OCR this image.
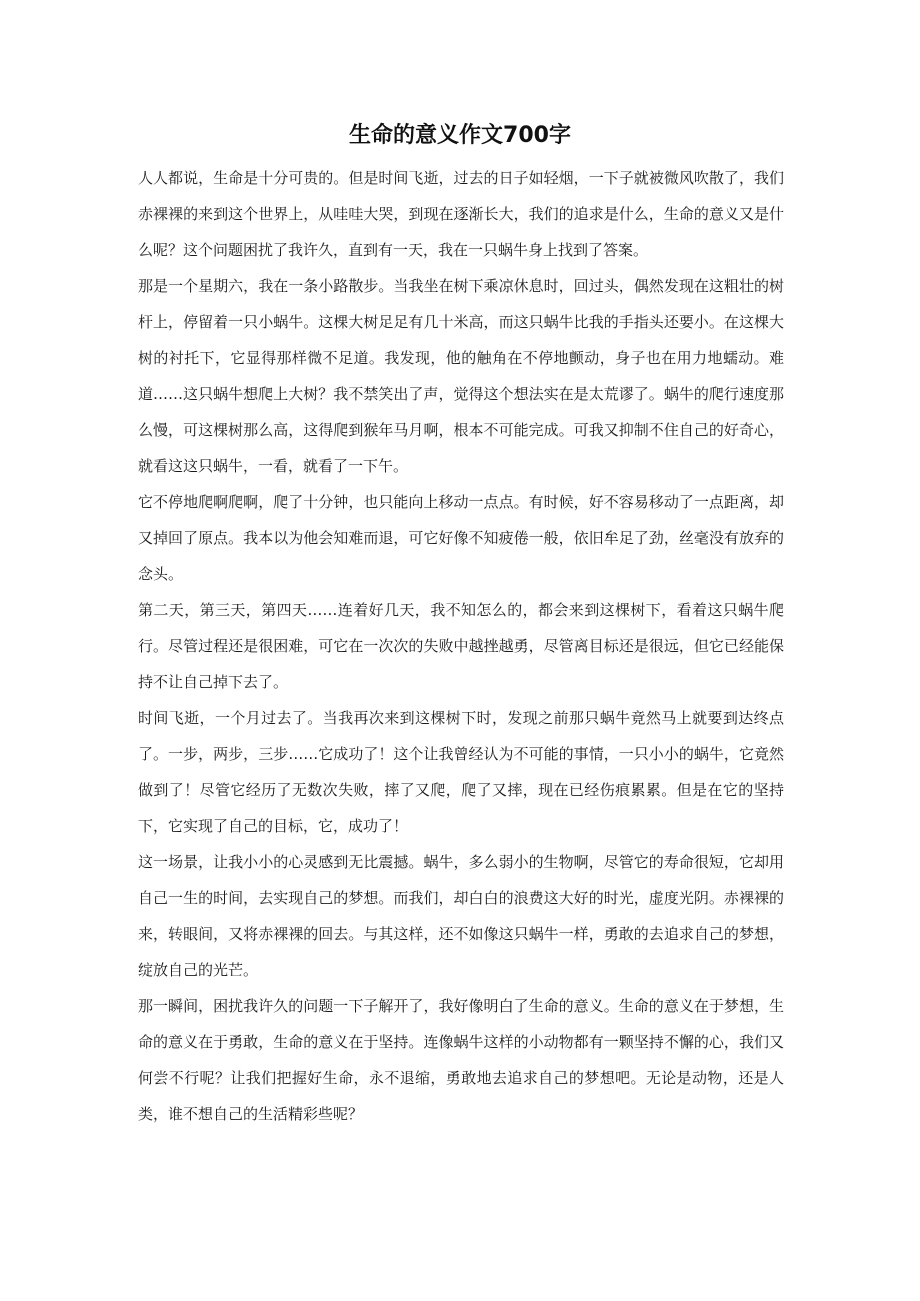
生命的意义作文700字

人人都说，生命是十分可贵的。但是时间飞逝，过去的日子如轻烟，一下子就被微风吹散了，我们赤裸裸的来到这个世界上，从哇哇大哭，到现在逐渐长大，我们的追求是什么，生命的意义又是什么呢？这个问题困扰了我许久，直到有一天，我在一只蜗牛身上找到了答案。

那是一个星期六，我在一条小路散步。当我坐在树下乘凉休息时，回过头，偶然发现在这粗壮的树杆上，停留着一只小蜗牛。这棵大树足足有几十米高，而这只蜗牛比我的手指头还要小。在这棵大树的衬托下，它显得那样微不足道。我发现，他的触角在不停地颤动，身子也在用力地蠕动。难道……这只蜗牛想爬上大树？我不禁笑出了声，觉得这个想法实在是太荒谬了。蜗牛的爬行速度那么慢，可这棵树那么高，这得爬到猴年马月啊，根本不可能完成。可我又抑制不住自己的好奇心，就看这这只蜗牛，一看，就看了一下午。

它不停地爬啊爬啊，爬了十分钟，也只能向上移动一点点。有时候，好不容易移动了一点距离，却又掉回了原点。我本以为他会知难而退，可它好像不知疲倦一般，依旧牟足了劲，丝毫没有放弃的念头。

第二天，第三天，第四天……连着好几天，我不知怎么的，都会来到这棵树下，看着这只蜗牛爬行。尽管过程还是很困难，可它在一次次的失败中越挫越勇，尽管离目标还是很远，但它已经能保持不让自己掉下去了。

时间飞逝，一个月过去了。当我再次来到这棵树下时，发现之前那只蜗牛竟然马上就要到达终点了。一步，两步，三步……它成功了！这个让我曾经认为不可能的事情，一只小小的蜗牛，它竟然做到了！尽管它经历了无数次失败，摔了又爬，爬了又摔，现在已经伤痕累累。但是在它的坚持下，它实现了自己的目标，它，成功了！

这一场景，让我小小的心灵感到无比震撼。蜗牛，多么弱小的生物啊，尽管它的寿命很短，它却用自己一生的时间，去实现自己的梦想。而我们，却白白的浪费这大好的时光，虚度光阴。赤裸裸的来，转眼间，又将赤裸裸的回去。与其这样，还不如像这只蜗牛一样，勇敢的去追求自己的梦想，绽放自己的光芒。

那一瞬间，困扰我许久的问题一下子解开了，我好像明白了生命的意义。生命的意义在于梦想，生命的意义在于勇敢，生命的意义在于坚持。连像蜗牛这样的小动物都有一颗坚持不懈的心，我们又何尝不行呢？让我们把握好生命，永不退缩，勇敢地去追求自己的梦想吧。无论是动物，还是人类，谁不想自己的生活精彩些呢？
